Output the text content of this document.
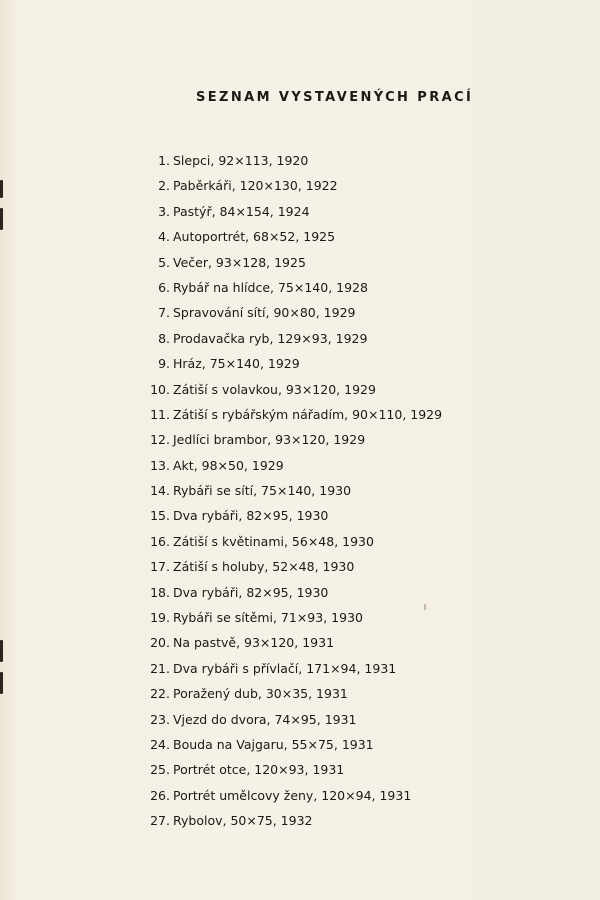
SEZNAM VYSTAVENÝCH PRACÍ
1. Slepci, 92×113, 1920
2. Paběrkáři, 120×130, 1922
3. Pastýř, 84×154, 1924
4. Autoportrét, 68×52, 1925
5. Večer, 93×128, 1925
6. Rybář na hlídce, 75×140, 1928
7. Spravování sítí, 90×80, 1929
8. Prodavačka ryb, 129×93, 1929
9. Hráz, 75×140, 1929
10. Zátiší s volavkou, 93×120, 1929
11. Zátiší s rybářským nářadím, 90×110, 1929
12. Jedlíci brambor, 93×120, 1929
13. Akt, 98×50, 1929
14. Rybáři se sítí, 75×140, 1930
15. Dva rybáři, 82×95, 1930
16. Zátiší s květinami, 56×48, 1930
17. Zátiší s holuby, 52×48, 1930
18. Dva rybáři, 82×95, 1930
19. Rybáři se sítěmi, 71×93, 1930
20. Na pastvě, 93×120, 1931
21. Dva rybáři s přívlačí, 171×94, 1931
22. Poražený dub, 30×35, 1931
23. Vjezd do dvora, 74×95, 1931
24. Bouda na Vajgaru, 55×75, 1931
25. Portrét otce, 120×93, 1931
26. Portrét umělcovy ženy, 120×94, 1931
27. Rybolov, 50×75, 1932
